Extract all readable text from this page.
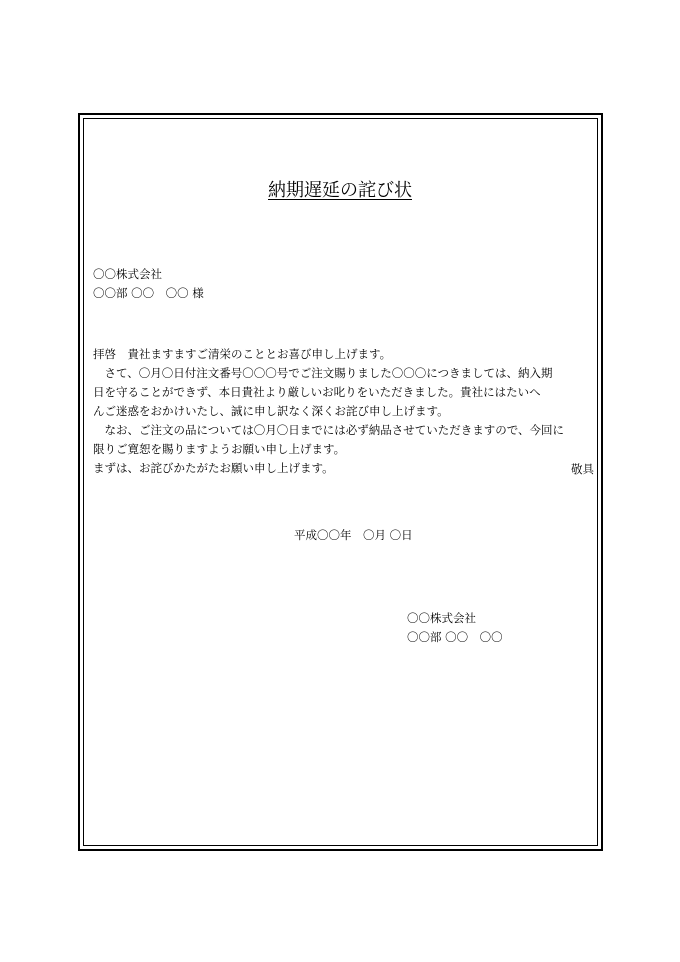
納期遅延の詫び状
〇〇株式会社
〇〇部 〇〇　〇〇 様
拝啓　貴社ますますご清栄のこととお喜び申し上げます。
　さて、〇月〇日付注文番号〇〇〇号でご注文賜りました〇〇〇につきましては、納入期
日を守ることができず、本日貴社より厳しいお叱りをいただきました。貴社にはたいへ
んご迷惑をおかけいたし、誠に申し訳なく深くお詫び申し上げます。
　なお、ご注文の品については〇月〇日までには必ず納品させていただきますので、今回に
限りご寛恕を賜りますようお願い申し上げます。
まずは、お詫びかたがたお願い申し上げます。	敬具
平成〇〇年　〇月 〇日
〇〇株式会社
〇〇部 〇〇　〇〇
